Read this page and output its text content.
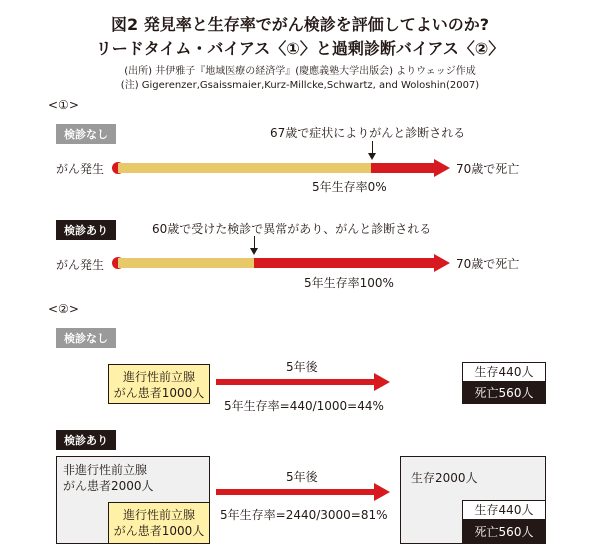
図2 発見率と生存率でがん検診を評価してよいのか?
リードタイム・バイアス〈①〉と過剰診断バイアス〈②〉
(出所) 井伊雅子『地域医療の経済学』(慶應義塾大学出版会) よりウェッジ作成
(注) Gigerenzer,Gsaissmaier,Kurz-Millcke,Schwartz, and Woloshin(2007)
<①>
検診なし	67歳で症状によりがんと診断される
がん発生	70歳で死亡
5年生存率0%
検診あり	60歳で受けた検診で異常があり、がんと診断される
がん発生	70歳で死亡
5年生存率100%
<②>
検診なし
進行性前立腺
がん患者1000人
5年後
5年生存率=440/1000=44%
生存440人
死亡560人
検診あり
非進行性前立腺
がん患者2000人
進行性前立腺
がん患者1000人
5年後
5年生存率=2440/3000=81%
生存2000人
生存440人
死亡560人
